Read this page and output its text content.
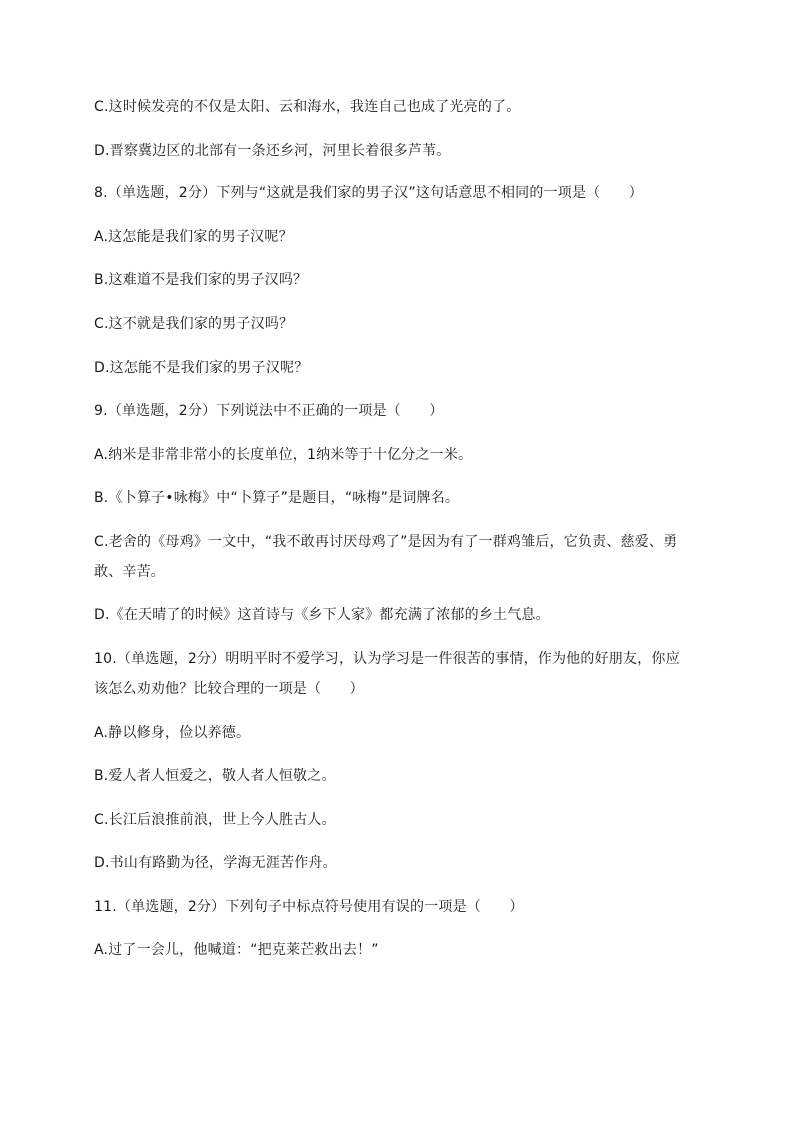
C.这时候发亮的不仅是太阳、云和海水，我连自己也成了光亮的了。
D.晋察冀边区的北部有一条还乡河，河里长着很多芦苇。
8.（单选题，2分）下列与“这就是我们家的男子汉”这句话意思不相同的一项是（　　）
A.这怎能是我们家的男子汉呢？
B.这难道不是我们家的男子汉吗？
C.这不就是我们家的男子汉吗？
D.这怎能不是我们家的男子汉呢？
9.（单选题，2分）下列说法中不正确的一项是（　　）
A.纳米是非常非常小的长度单位，1纳米等于十亿分之一米。
B.《卜算子•咏梅》中“卜算子”是题目，“咏梅”是词牌名。
C.老舍的《母鸡》一文中，“我不敢再讨厌母鸡了”是因为有了一群鸡雏后，它负责、慈爱、勇
敢、辛苦。
D.《在天晴了的时候》这首诗与《乡下人家》都充满了浓郁的乡土气息。
10.（单选题，2分）明明平时不爱学习，认为学习是一件很苦的事情，作为他的好朋友，你应
该怎么劝劝他？比较合理的一项是（　　）
A.静以修身，俭以养德。
B.爱人者人恒爱之，敬人者人恒敬之。
C.长江后浪推前浪，世上今人胜古人。
D.书山有路勤为径，学海无涯苦作舟。
11.（单选题，2分）下列句子中标点符号使用有误的一项是（　　）
A.过了一会儿，他喊道：“把克莱芒救出去！”
